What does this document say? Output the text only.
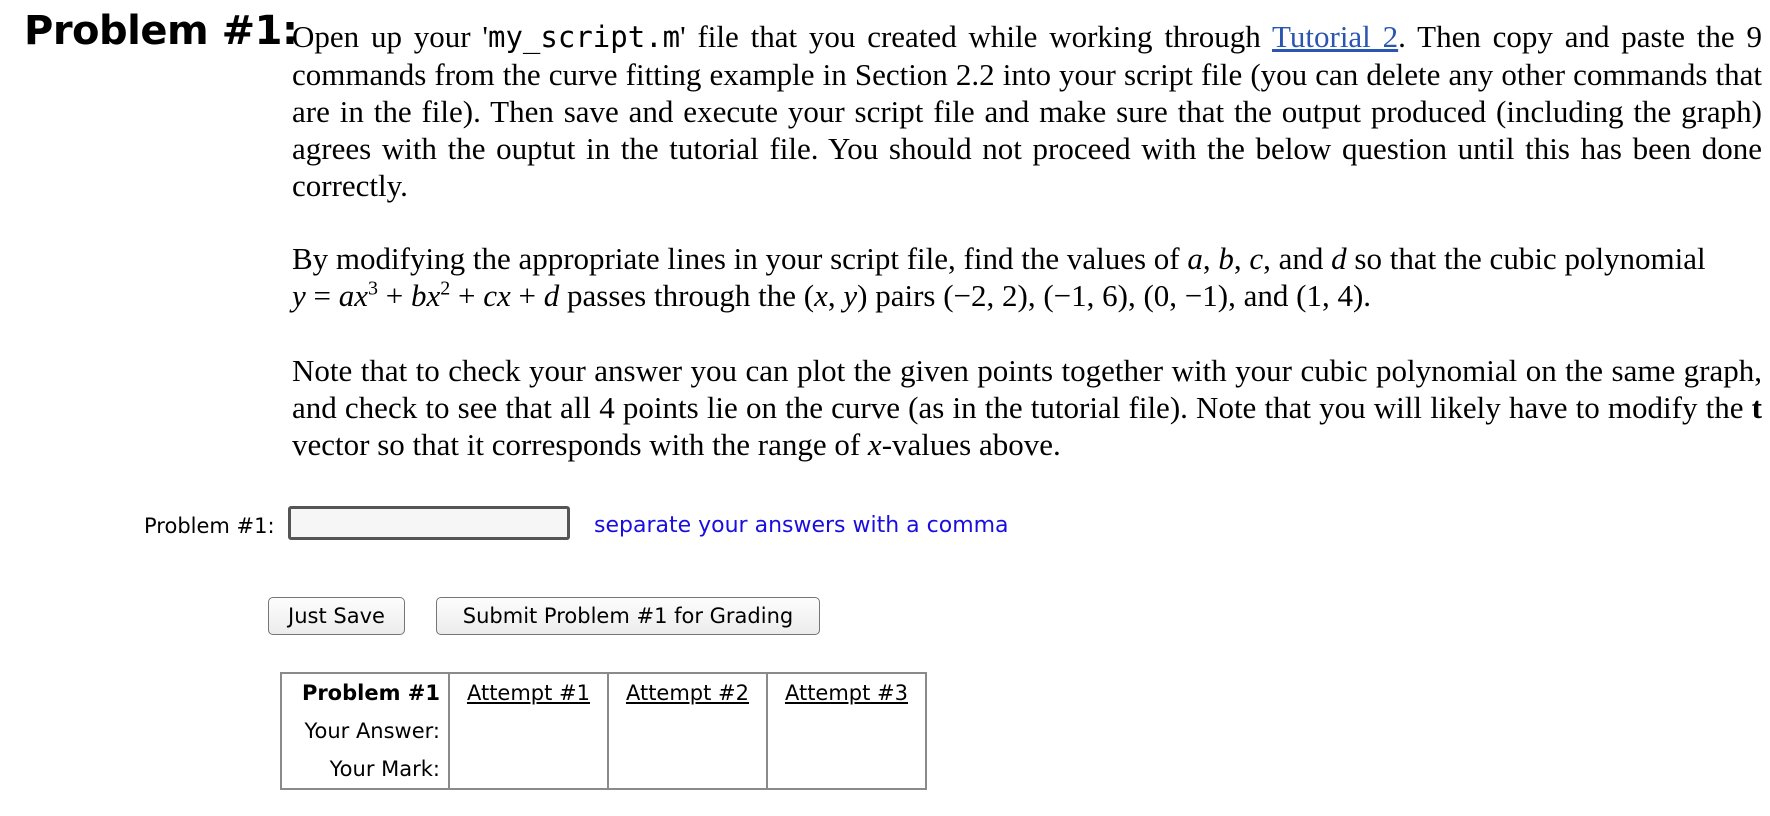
Problem #1:
Open up your 'my_script.m' file that you created while working through Tutorial 2. Then copy and paste the 9 commands from the curve fitting example in Section 2.2 into your script file (you can delete any other commands that are in the file). Then save and execute your script file and make sure that the output produced (including the graph) agrees with the ouptut in the tutorial file. You should not proceed with the below question until this has been done correctly.
By modifying the appropriate lines in your script file, find the values of a, b, c, and d so that the cubic polynomial
$y = ax^3 + bx^2$ + cx + d passes through the (x, y) pairs (−2, 2), (−1, 6), (0, −1), and (1, 4).
Note that to check your answer you can plot the given points together with your cubic polynomial on the same graph, and check to see that all 4 points lie on the curve (as in the tutorial file). Note that you will likely have to modify the t vector so that it corresponds with the range of x-values above.
Problem #1:	separate your answers with a comma
Just Save	Submit Problem #1 for Grading
Problem #1	Attempt #1	Attempt #2	Attempt #3
Your Answer:			
Your Mark:			
